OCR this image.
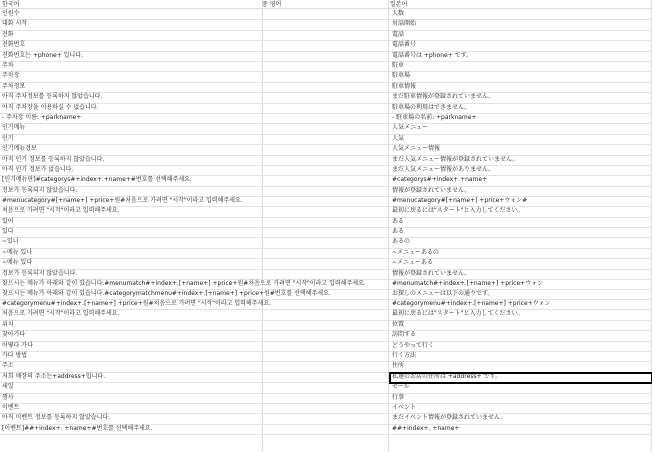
한국어	중 영어	일본어
인원수	人数
대화 시작	対話開始
전화	電話
전화번호	電話番号
전화번호는 +phone+ 입니다.	電話番号は +phone+ です。
주차	駐車
주차장	駐車場
주차정보	駐車情報
아직 주차정보를 등록하지 않았습니다.	まだ駐車情報が登録されていません。
아직 주차장을 이용하실 수 없습니다.	駐車場の利用はできません。
- 주차장 이름: +parkname+	- 駐車場の名前: +parkname+
인기메뉴	人気メニュー
인기	人気
인기메뉴정보	人気メニュー情報
아직 인기 정보를 등록하지 않았습니다.	まだ人気メニュー情報が登録されていません。
아직 인기 정보가 없습니다.	まだ人気メニュー情報がありません。
[인기메뉴판]#categorys#+index+.+name+#번호를 선택해주세요.	#categorys#+index+.+name+
정보가 등록되지 않았습니다.	情報が登録されていません。
#menucategory#[+name+] +price+원#처음으로 가려면 "시작"이라고 입력해주세요.	#menucategory#[+name+] +price+ウォン#
처음으로 가려면 "시작"이라고 입력해주세요.	最初に戻るには"スタート"と入力してください。
있어	ある
있다	ある
~있나	あるの
~메뉴 있나	~メニューあるの
~메뉴 있다	~メニューある
정보가 등록되지 않았습니다.	情報が登録されていません。
찾으시는 메뉴가 아래와 같이 있습니다.#menumatch#+index+.[+name+] +price+원#처음으로 가려면 "시작"이라고 입력해주세요.	#menumatch#+index+.[+name+] +price+ウォン
찾으시는 메뉴가 아래와 같이 있습니다.#categorymatchmenu#+index+.[+name+] +price+원#번호를 선택해주세요.	お探しのメニューは以下の通りです。
#categorymenu#+index+.[+name+] +price+원#처음으로 가려면 "시작"이라고 입력해주세요.	#categorymenu#+index+.[+name+] +price+ウォン
처음으로 가려면 "시작"이라고 입력해주세요.	最初に戻るには"スタート"と入力してください。
위치	位置
찾아가다	訪問する
어떻다 가다	どうやって行く
가다 방법	行く方法
주소	住所
저희 매장의 주소는+address+입니다.	私達のお店の住所は +address+ です。
세일	セール
행사	行事
이벤트	イベント
아직 이벤트 정보를 등록하지 않았습니다.	まだイベント情報が登録されていません。
[이벤트]##+index+. +name+#번호를 선택해주세요.	##+index+. +name+
